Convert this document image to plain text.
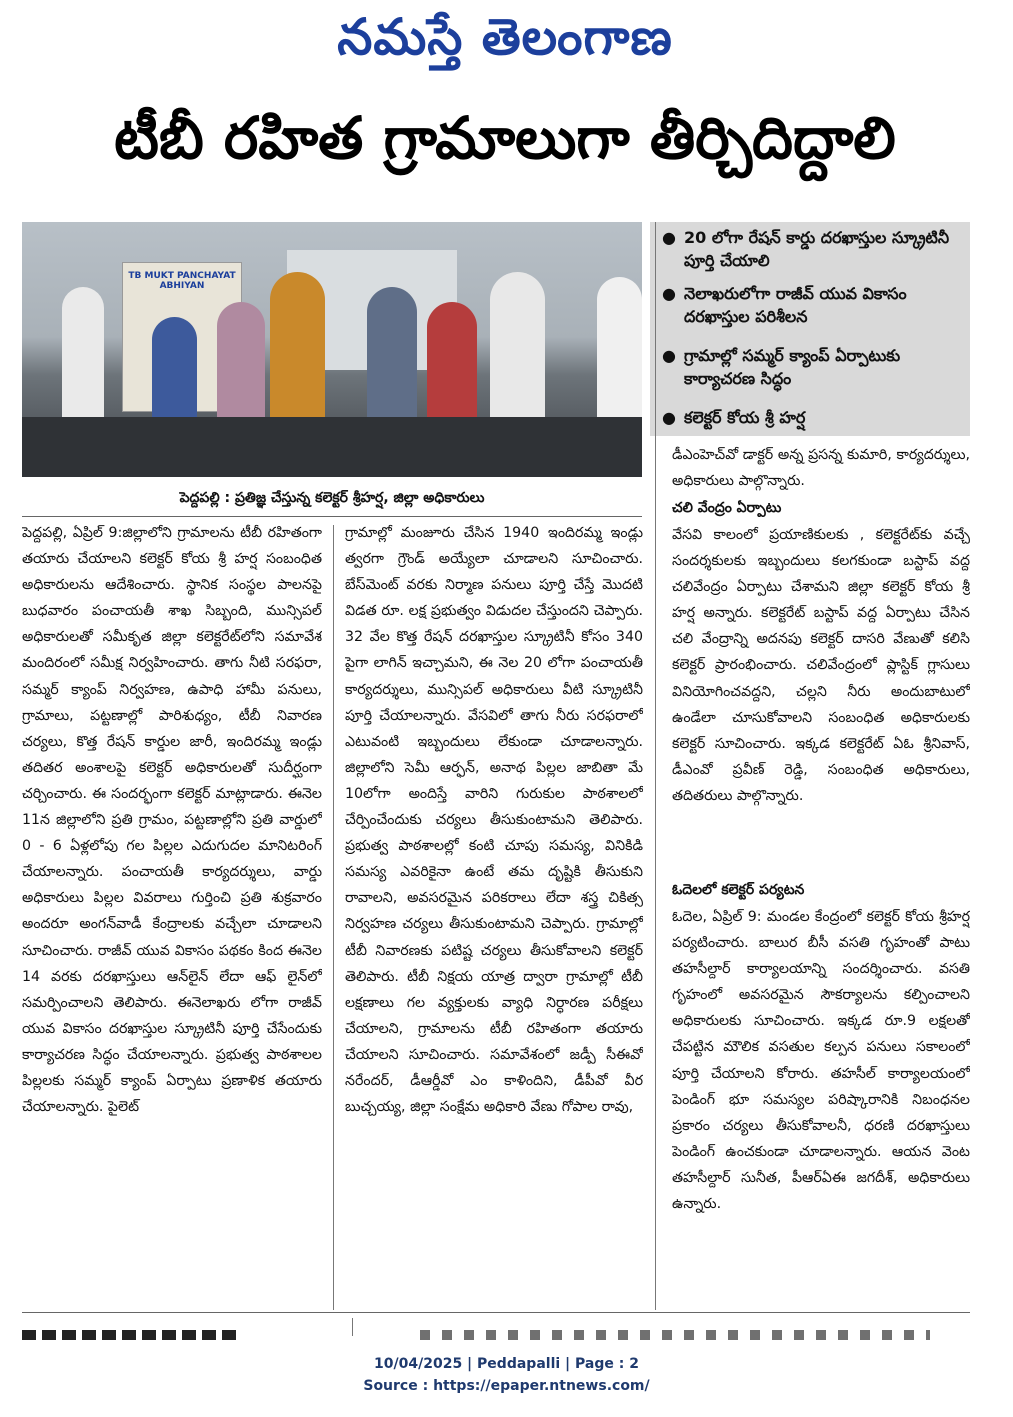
నమస్తే తెలంగాణ
టీబీ రహిత గ్రామాలుగా తీర్చిదిద్దాలి
TB MUKT PANCHAYAT ABHIYAN
పెద్దపల్లి : ప్రతిజ్ఞ చేస్తున్న కలెక్టర్ శ్రీహర్ష, జిల్లా అధికారులు
● 20 లోగా రేషన్ కార్డు దరఖాస్తుల స్క్రూటినీ పూర్తి చేయాలి
● నెలాఖరులోగా రాజీవ్ యువ వికాసం దరఖాస్తుల పరిశీలన
● గ్రామాల్లో సమ్మర్ క్యాంప్ ఏర్పాటుకు కార్యాచరణ సిద్ధం
● కలెక్టర్ కోయ శ్రీ హర్ష
పెద్దపల్లి, ఏప్రిల్ 9:జిల్లాలోని గ్రామాలను టీబీ రహితంగా తయారు చేయాలని కలెక్టర్ కోయ శ్రీ హర్ష సంబంధిత అధికారులను ఆదేశించారు. స్థానిక సంస్థల పాలనపై బుధవారం పంచాయతీ శాఖ సిబ్బంది, మున్సిపల్ అధికారులతో సమీకృత జిల్లా కలెక్టరేట్‌లోని సమావేశ మందిరంలో సమీక్ష నిర్వహించారు. తాగు నీటి సరఫరా, సమ్మర్ క్యాంప్ నిర్వహణ, ఉపాధి హామీ పనులు, గ్రామాలు, పట్టణాల్లో పారిశుధ్యం, టీబీ నివారణ చర్యలు, కొత్త రేషన్ కార్డుల జారీ, ఇందిరమ్మ ఇండ్లు తదితర అంశాలపై కలెక్టర్ అధికారులతో సుదీర్ఘంగా చర్చించారు. ఈ సందర్భంగా కలెక్టర్ మాట్లాడారు. ఈనెల 11న జిల్లాలోని ప్రతి గ్రామం, పట్టణాల్లోని ప్రతి వార్డులో 0 - 6 ఏళ్లలోపు గల పిల్లల ఎదుగుదల మానిటరింగ్ చేయాలన్నారు. పంచాయతీ కార్యదర్శులు, వార్డు అధికారులు పిల్లల వివరాలు గుర్తించి ప్రతి శుక్రవారం అందరూ అంగన్‌వాడీ కేంద్రాలకు వచ్చేలా చూడాలని సూచించారు. రాజీవ్ యువ వికాసం పథకం కింద ఈనెల 14 వరకు దరఖాస్తులు ఆన్‌లైన్ లేదా ఆఫ్ లైన్‌లో సమర్పించాలని తెలిపారు. ఈనెలాఖరు లోగా రాజీవ్ యువ వికాసం దరఖాస్తుల స్క్రూటినీ పూర్తి చేసేందుకు కార్యాచరణ సిద్ధం చేయాలన్నారు. ప్రభుత్వ పాఠశాలల పిల్లలకు సమ్మర్ క్యాంప్ ఏర్పాటు ప్రణాళిక తయారు చేయాలన్నారు. పైలెట్
గ్రామాల్లో మంజూరు చేసిన 1940 ఇందిరమ్మ ఇండ్లు త్వరగా గ్రౌండ్ అయ్యేలా చూడాలని సూచించారు. బేస్‌మెంట్ వరకు నిర్మాణ పనులు పూర్తి చేస్తే మొదటి విడత రూ. లక్ష ప్రభుత్వం విడుదల చేస్తుందని చెప్పారు. 32 వేల కొత్త రేషన్ దరఖాస్తుల స్క్రూటినీ కోసం 340 పైగా లాగిన్ ఇచ్చామని, ఈ నెల 20 లోగా పంచాయతీ కార్యదర్శులు, మున్సిపల్ అధికారులు వీటి స్క్రూటినీ పూర్తి చేయాలన్నారు. వేసవిలో తాగు నీరు సరఫరాలో ఎటువంటి ఇబ్బందులు లేకుండా చూడాలన్నారు. జిల్లాలోని సెమీ ఆర్ఫన్, అనాథ పిల్లల జాబితా మే 10లోగా అందిస్తే వారిని గురుకుల పాఠశాలలో చేర్పించేందుకు చర్యలు తీసుకుంటామని తెలిపారు. ప్రభుత్వ పాఠశాలల్లో కంటి చూపు సమస్య, వినికిడి సమస్య ఎవరికైనా ఉంటే తమ దృష్టికి తీసుకుని రావాలని, అవసరమైన పరికరాలు లేదా శస్త్ర చికిత్స నిర్వహణ చర్యలు తీసుకుంటామని చెప్పారు. గ్రామాల్లో టీబీ నివారణకు పటిష్ట చర్యలు తీసుకోవాలని కలెక్టర్ తెలిపారు. టీబీ నిక్షయ యాత్ర ద్వారా గ్రామాల్లో టీబీ లక్షణాలు గల వ్యక్తులకు వ్యాధి నిర్ధారణ పరీక్షలు చేయాలని, గ్రామాలను టీబీ రహితంగా తయారు చేయాలని సూచించారు. సమావేశంలో జడ్పీ సీఈవో నరేందర్, డీఆర్డీవో ఎం కాళిందిని, డీపీవో వీర బుచ్చయ్య, జిల్లా సంక్షేమ అధికారి వేణు గోపాల రావు,
డీఎంహెచ్‌వో డాక్టర్ అన్న ప్రసన్న కుమారి, కార్యదర్శులు, అధికారులు పాల్గొన్నారు.
చలి వేంద్రం ఏర్పాటు
వేసవి కాలంలో ప్రయాణికులకు , కలెక్టరేట్‌కు వచ్చే సందర్శకులకు ఇబ్బందులు కలగకుండా బస్టాప్ వద్ద చలివేంద్రం ఏర్పాటు చేశామని జిల్లా కలెక్టర్ కోయ శ్రీ హర్ష అన్నారు. కలెక్టరేట్ బస్టాప్ వద్ద ఏర్పాటు చేసిన చలి వేంద్రాన్ని అదనపు కలెక్టర్ దాసరి వేణుతో కలిసి కలెక్టర్ ప్రారంభించారు. చలివేంద్రంలో ప్లాస్టిక్ గ్లాసులు వినియోగించవద్దని, చల్లని నీరు అందుబాటులో ఉండేలా చూసుకోవాలని సంబంధిత అధికారులకు కలెక్టర్ సూచించారు. ఇక్కడ కలెక్టరేట్ ఏఓ శ్రీనివాస్, డీఎంవో ప్రవీణ్ రెడ్డి, సంబంధిత అధికారులు, తదితరులు పాల్గొన్నారు.
ఓదెలలో కలెక్టర్ పర్యటన
ఓదెల, ఏప్రిల్ 9: మండల కేంద్రంలో కలెక్టర్ కోయ శ్రీహర్ష పర్యటించారు. బాలుర బీసీ వసతి గృహంతో పాటు తహసీల్దార్ కార్యాలయాన్ని సందర్శించారు. వసతి గృహంలో అవసరమైన సౌకర్యాలను కల్పించాలని అధికారులకు సూచించారు. ఇక్కడ రూ.9 లక్షలతో చేపట్టిన మౌలిక వసతుల కల్పన పనులు సకాలంలో పూర్తి చేయాలని కోరారు. తహసీల్ కార్యాలయంలో పెండింగ్ భూ సమస్యల పరిష్కారానికి నిబంధనల ప్రకారం చర్యలు తీసుకోవాలనీ, ధరణి దరఖాస్తులు పెండింగ్ ఉంచకుండా చూడాలన్నారు. ఆయన వెంట తహసీల్దార్ సునీత, పీఆర్‌ఏఈ జగదీశ్, అధికారులు ఉన్నారు.
10/04/2025 | Peddapalli | Page : 2
Source : https://epaper.ntnews.com/
